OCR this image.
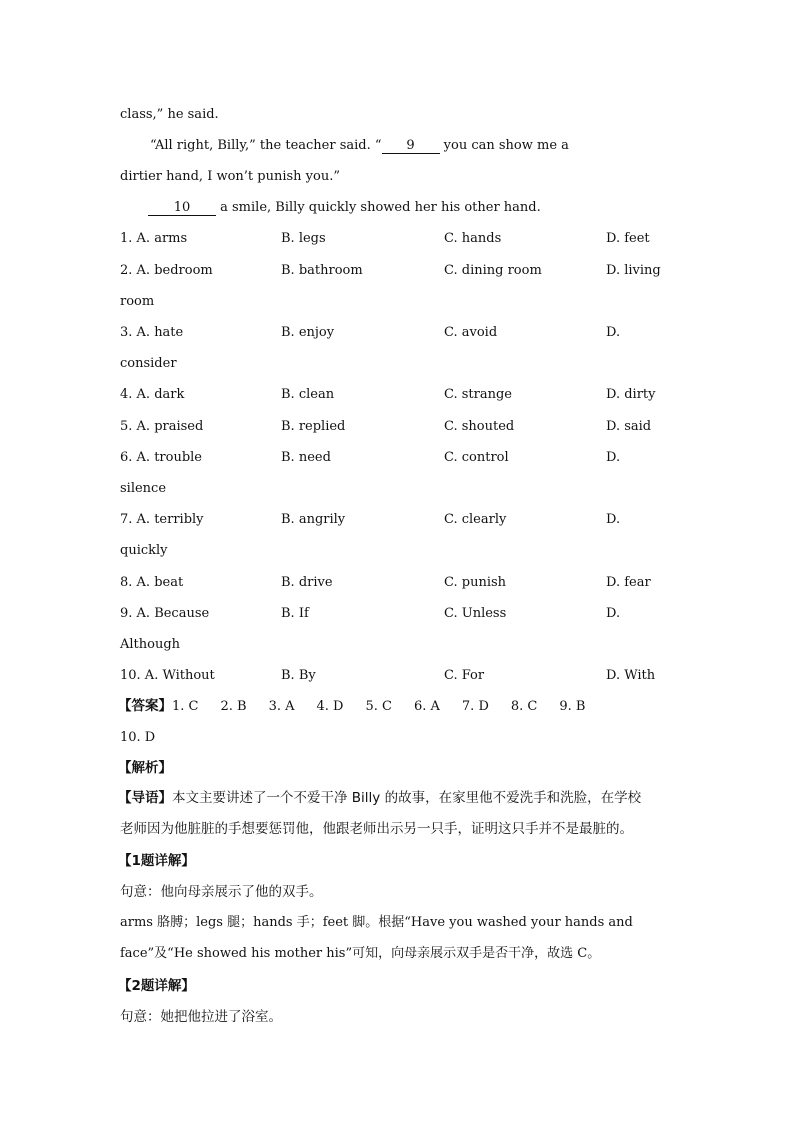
class,” he said.
“All right, Billy,” the teacher said. “ 9 you can show me a
dirtier hand, I won’t punish you.”
10 a smile, Billy quickly showed her his other hand.
1. A. arms	B. legs	C. hands	D. feet
2. A. bedroom	B. bathroom	C. dining room	D. living
room
3. A. hate	B. enjoy	C. avoid	D.
consider
4. A. dark	B. clean	C. strange	D. dirty
5. A. praised	B. replied	C. shouted	D. said
6. A. trouble	B. need	C. control	D.
silence
7. A. terribly	B. angrily	C. clearly	D.
quickly
8. A. beat	B. drive	C. punish	D. fear
9. A. Because	B. If	C. Unless	D.
Although
10. A. Without	B. By	C. For	D. With
【答案】1. C 2. B 3. A 4. D 5. C 6. A 7. D 8. C 9. B
10. D
【解析】
【导语】本文主要讲述了一个不爱干净 Billy 的故事，在家里他不爱洗手和洗脸，在学校
老师因为他脏脏的手想要惩罚他，他跟老师出示另一只手，证明这只手并不是最脏的。
【1题详解】
句意：他向母亲展示了他的双手。
arms 胳膊；legs 腿；hands 手；feet 脚。根据“Have you washed your hands and
face”及“He showed his mother his”可知，向母亲展示双手是否干净，故选 C。
【2题详解】
句意：她把他拉进了浴室。
